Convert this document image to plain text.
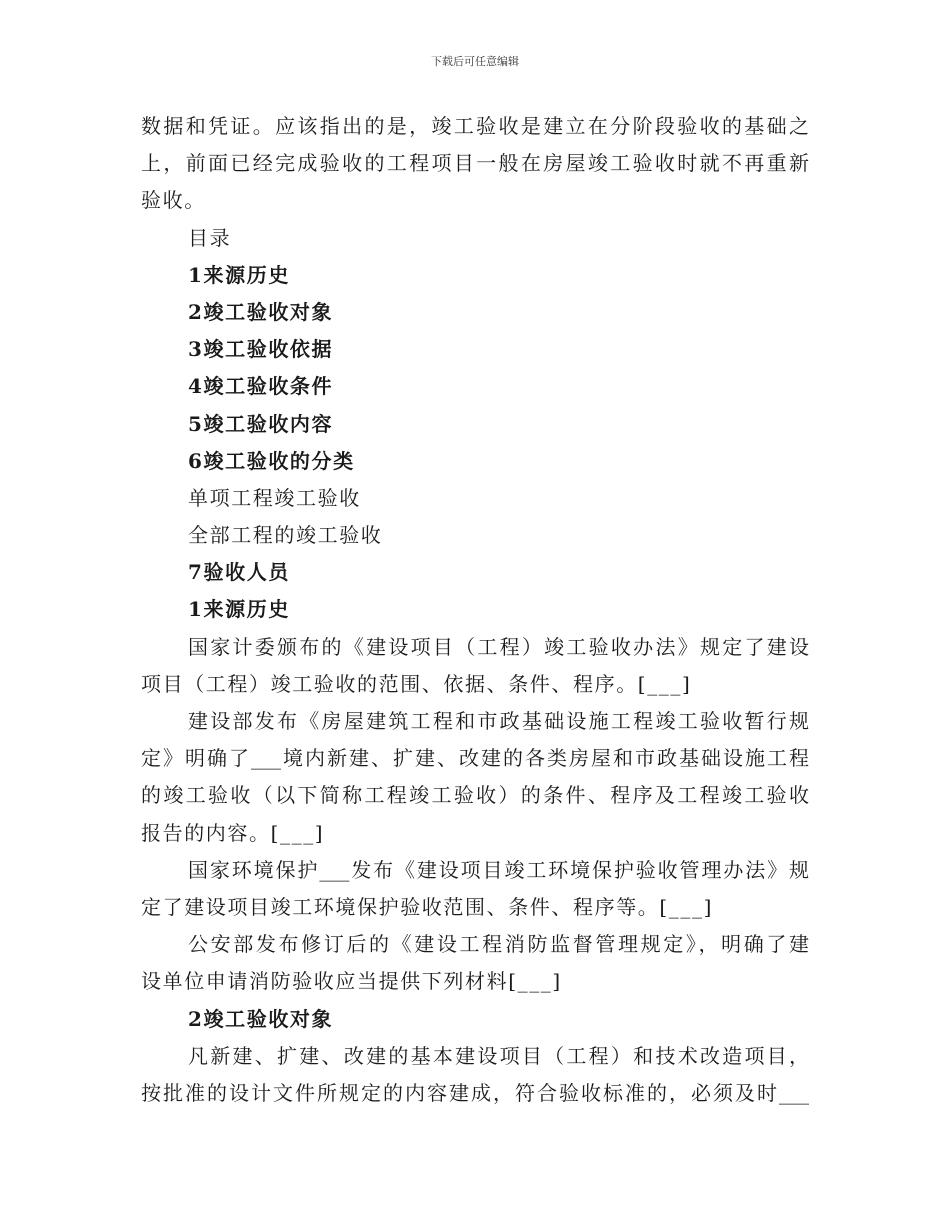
下载后可任意编辑
数据和凭证。应该指出的是，竣工验收是建立在分阶段验收的基础之
上，前面已经完成验收的工程项目一般在房屋竣工验收时就不再重新
验收。
目录
1来源历史
2竣工验收对象
3竣工验收依据
4竣工验收条件
5竣工验收内容
6竣工验收的分类
单项工程竣工验收
全部工程的竣工验收
7验收人员
1来源历史
国家计委颁布的《建设项目（工程）竣工验收办法》规定了建设
项目（工程）竣工验收的范围、依据、条件、程序。[___]
建设部发布《房屋建筑工程和市政基础设施工程竣工验收暂行规
定》明确了___境内新建、扩建、改建的各类房屋和市政基础设施工程
的竣工验收（以下简称工程竣工验收）的条件、程序及工程竣工验收
报告的内容。[___]
国家环境保护___发布《建设项目竣工环境保护验收管理办法》规
定了建设项目竣工环境保护验收范围、条件、程序等。[___]
公安部发布修订后的《建设工程消防监督管理规定》，明确了建
设单位申请消防验收应当提供下列材料[___]
2竣工验收对象
凡新建、扩建、改建的基本建设项目（工程）和技术改造项目，
按批准的设计文件所规定的内容建成，符合验收标准的，必须及时___
